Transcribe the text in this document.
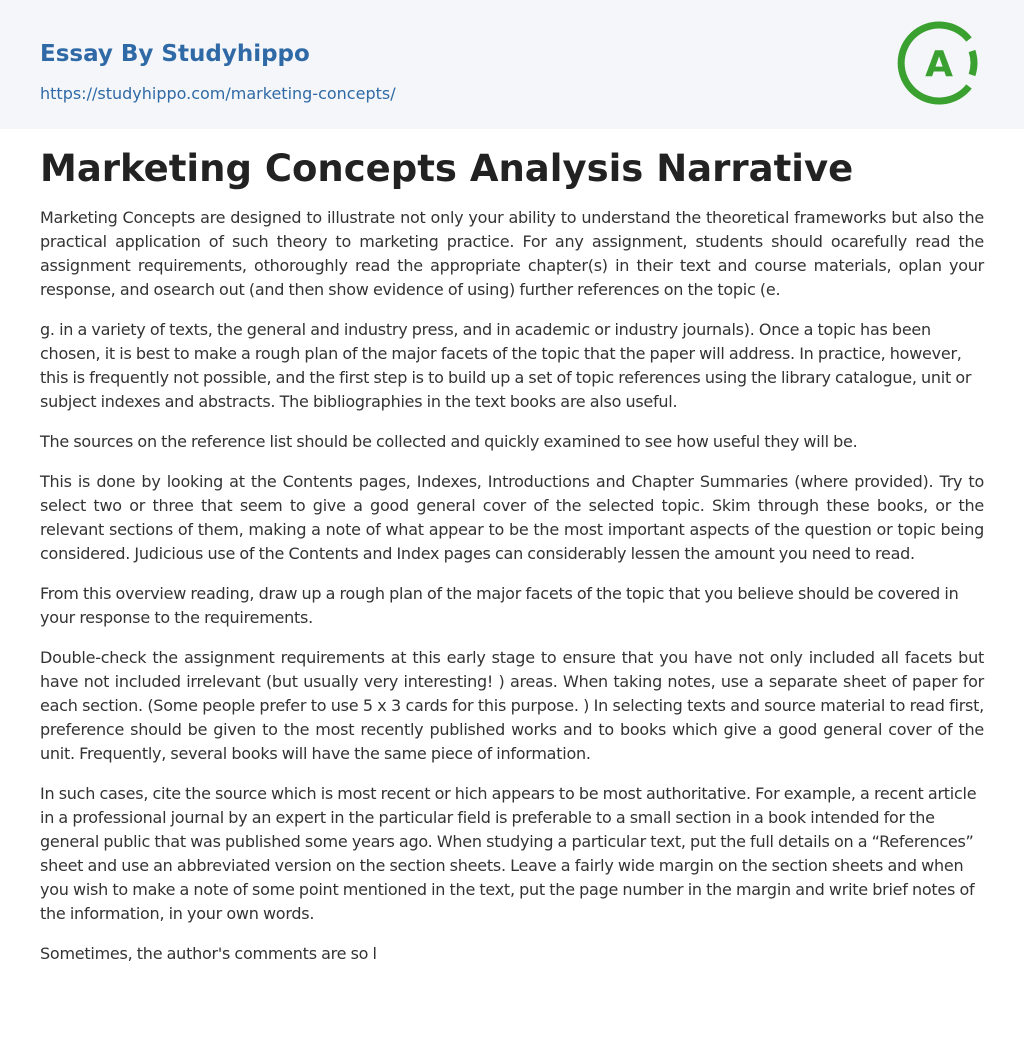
Essay By Studyhippo
https://studyhippo.com/marketing-concepts/
A
Marketing Concepts Analysis Narrative

Marketing Concepts are designed to illustrate not only your ability to understand the theoretical frameworks but also the practical application of such theory to marketing practice. For any assignment, students should ocarefully read the assignment requirements, othoroughly read the appropriate chapter(s) in their text and course materials, oplan your response, and osearch out (and then show evidence of using) further references on the topic (e.

g. in a variety of texts, the general and industry press, and in academic or industry journals). Once a topic has been chosen, it is best to make a rough plan of the major facets of the topic that the paper will address. In practice, however, this is frequently not possible, and the first step is to build up a set of topic references using the library catalogue, unit or subject indexes and abstracts. The bibliographies in the text books are also useful.

The sources on the reference list should be collected and quickly examined to see how useful they will be.

This is done by looking at the Contents pages, Indexes, Introductions and Chapter Summaries (where provided). Try to select two or three that seem to give a good general cover of the selected topic. Skim through these books, or the relevant sections of them, making a note of what appear to be the most important aspects of the question or topic being considered. Judicious use of the Contents and Index pages can considerably lessen the amount you need to read.

From this overview reading, draw up a rough plan of the major facets of the topic that you believe should be covered in your response to the requirements.

Double-check the assignment requirements at this early stage to ensure that you have not only included all facets but have not included irrelevant (but usually very interesting! ) areas. When taking notes, use a separate sheet of paper for each section. (Some people prefer to use 5 x 3 cards for this purpose. ) In selecting texts and source material to read first, preference should be given to the most recently published works and to books which give a good general cover of the unit. Frequently, several books will have the same piece of information.

In such cases, cite the source which is most recent or hich appears to be most authoritative. For example, a recent article in a professional journal by an expert in the particular field is preferable to a small section in a book intended for the general public that was published some years ago. When studying a particular text, put the full details on a “References” sheet and use an abbreviated version on the section sheets. Leave a fairly wide margin on the section sheets and when you wish to make a note of some point mentioned in the text, put the page number in the margin and write brief notes of the information, in your own words.

Sometimes, the author's comments are so l
